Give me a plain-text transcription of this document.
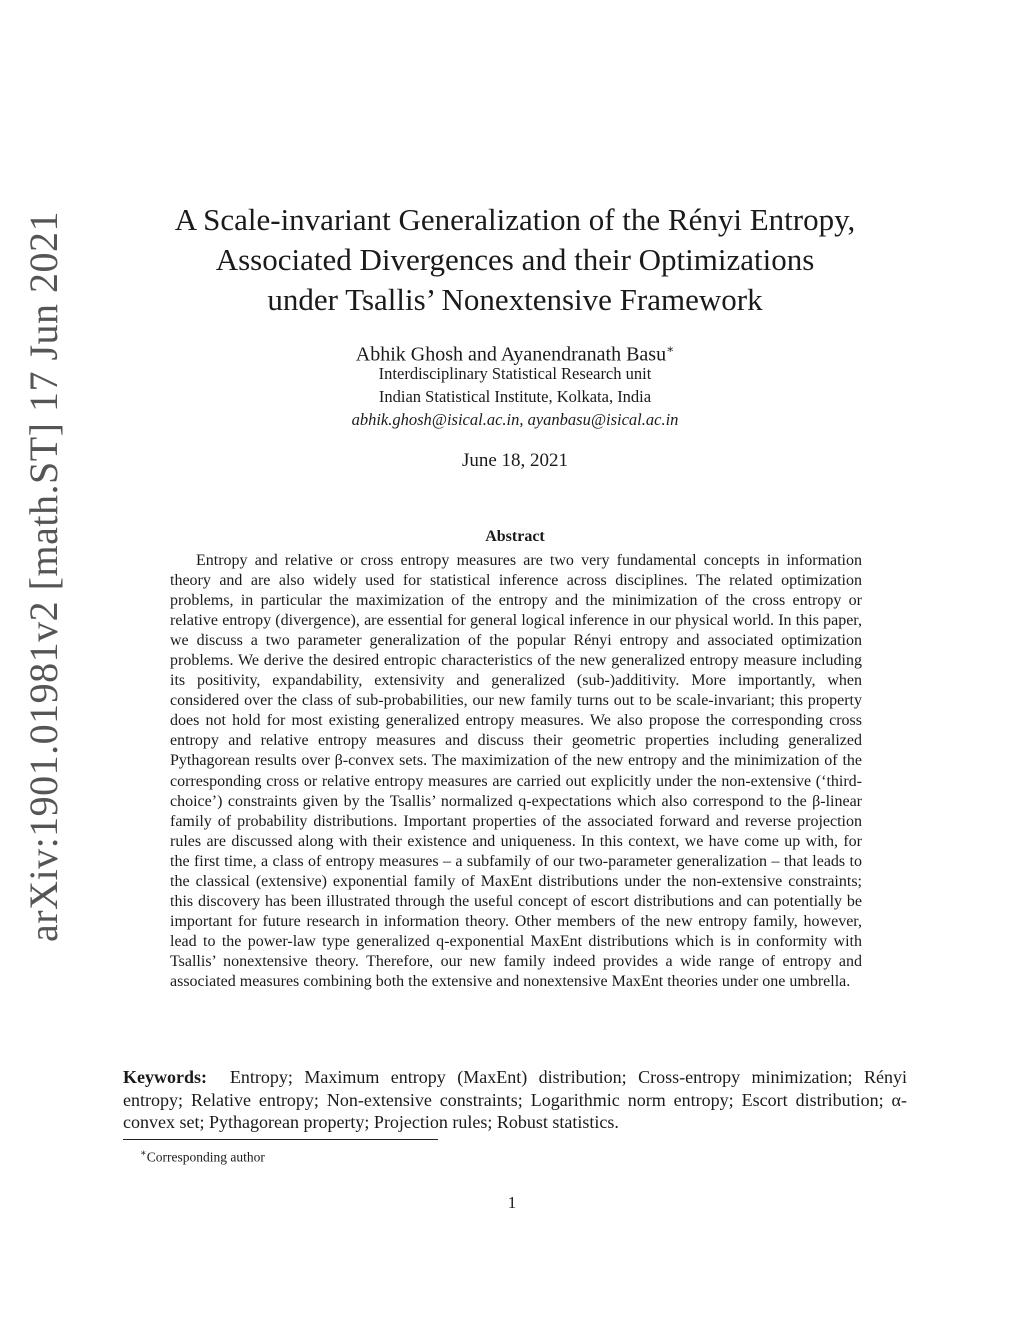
arXiv:1901.01981v2 [math.ST] 17 Jun 2021	A Scale-invariant Generalization of the Rényi Entropy,
Associated Divergences and their Optimizations
under Tsallis’ Nonextensive Framework
Abhik Ghosh and Ayanendranath Basu∗
Interdisciplinary Statistical Research unit
Indian Statistical Institute, Kolkata, India
abhik.ghosh@isical.ac.in, ayanbasu@isical.ac.in
June 18, 2021
Abstract

Entropy and relative or cross entropy measures are two very fundamental concepts in information theory and are also widely used for statistical inference across disciplines. The related optimization problems, in particular the maximization of the entropy and the minimization of the cross entropy or relative entropy (divergence), are essential for general logical inference in our physical world. In this paper, we discuss a two parameter generalization of the popular Rényi entropy and associated optimization problems. We derive the desired entropic characteristics of the new generalized entropy measure including its positivity, expandability, extensivity and generalized (sub-)additivity. More importantly, when considered over the class of sub-probabilities, our new family turns out to be scale-invariant; this property does not hold for most existing generalized entropy measures. We also propose the corresponding cross entropy and relative entropy measures and discuss their geometric properties including generalized Pythagorean results over β-convex sets. The maximization of the new entropy and the minimization of the corresponding cross or relative entropy measures are carried out explicitly under the non-extensive (‘third-choice’) constraints given by the Tsallis’ normalized q-expectations which also correspond to the β-linear family of probability distributions. Important properties of the associated forward and reverse projection rules are discussed along with their existence and uniqueness. In this context, we have come up with, for the first time, a class of entropy measures – a subfamily of our two-parameter generalization – that leads to the classical (extensive) exponential family of MaxEnt distributions under the non-extensive constraints; this discovery has been illustrated through the useful concept of escort distributions and can potentially be important for future research in information theory. Other members of the new entropy family, however, lead to the power-law type generalized q-exponential MaxEnt distributions which is in conformity with Tsallis’ nonextensive theory. Therefore, our new family indeed provides a wide range of entropy and associated measures combining both the extensive and nonextensive MaxEnt theories under one umbrella.

Keywords: Entropy; Maximum entropy (MaxEnt) distribution; Cross-entropy minimization; Rényi entropy; Relative entropy; Non-extensive constraints; Logarithmic norm entropy; Escort distribution; α-convex set; Pythagorean property; Projection rules; Robust statistics.

∗Corresponding author
1
